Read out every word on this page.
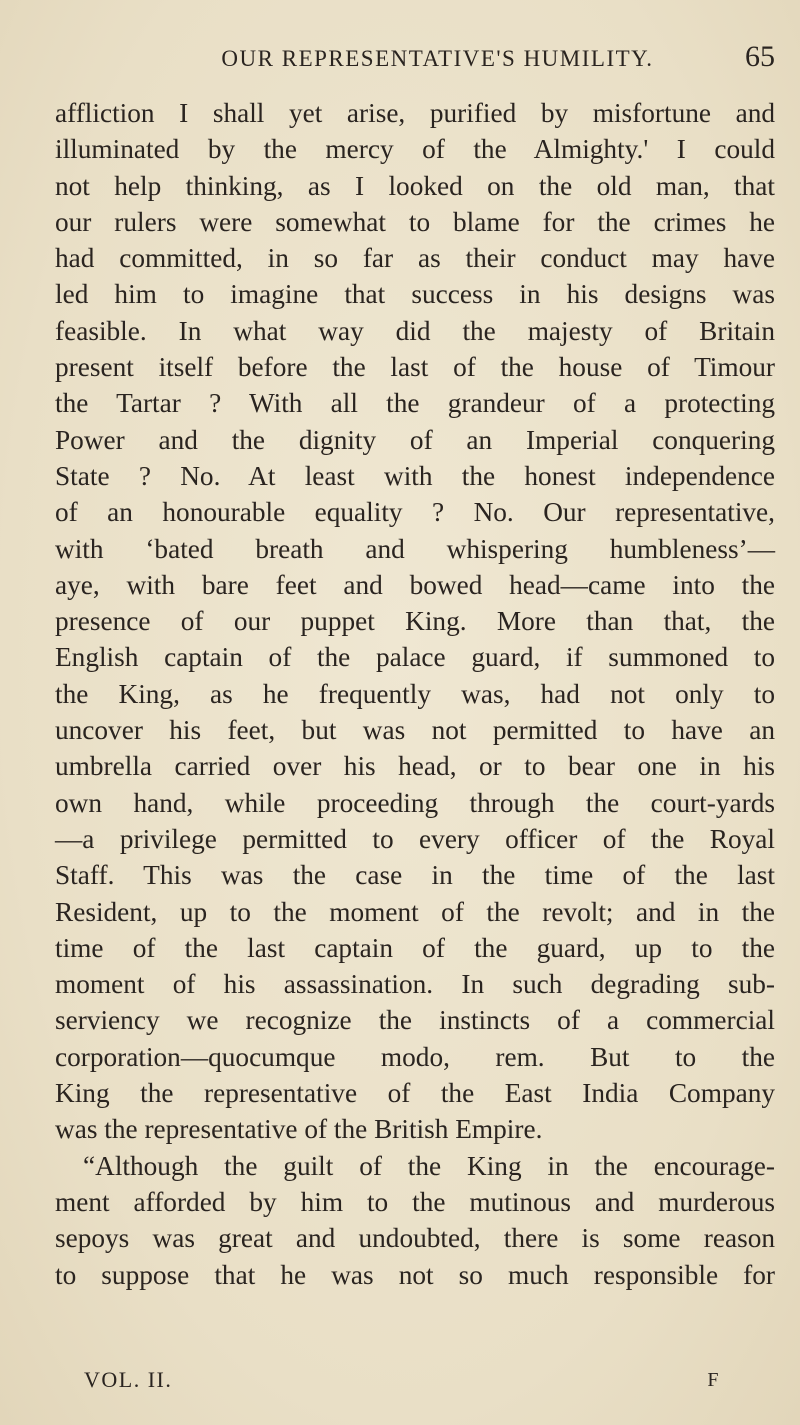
OUR REPRESENTATIVE'S HUMILITY.	65
affliction I shall yet arise, purified by misfortune and
illuminated by the mercy of the Almighty.' I could
not help thinking, as I looked on the old man, that
our rulers were somewhat to blame for the crimes he
had committed, in so far as their conduct may have
led him to imagine that success in his designs was
feasible. In what way did the majesty of Britain
present itself before the last of the house of Timour
the Tartar ? With all the grandeur of a protecting
Power and the dignity of an Imperial conquering
State ? No. At least with the honest independence
of an honourable equality ? No. Our representative,
with ‘bated breath and whispering humbleness’—
aye, with bare feet and bowed head—came into the
presence of our puppet King. More than that, the
English captain of the palace guard, if summoned to
the King, as he frequently was, had not only to
uncover his feet, but was not permitted to have an
umbrella carried over his head, or to bear one in his
own hand, while proceeding through the court-yards
—a privilege permitted to every officer of the Royal
Staff. This was the case in the time of the last
Resident, up to the moment of the revolt; and in the
time of the last captain of the guard, up to the
moment of his assassination. In such degrading sub-
serviency we recognize the instincts of a commercial
corporation—quocumque modo, rem. But to the
King the representative of the East India Company
was the representative of the British Empire.
“Although the guilt of the King in the encourage-
ment afforded by him to the mutinous and murderous
sepoys was great and undoubted, there is some reason
to suppose that he was not so much responsible for
VOL. II.	F
